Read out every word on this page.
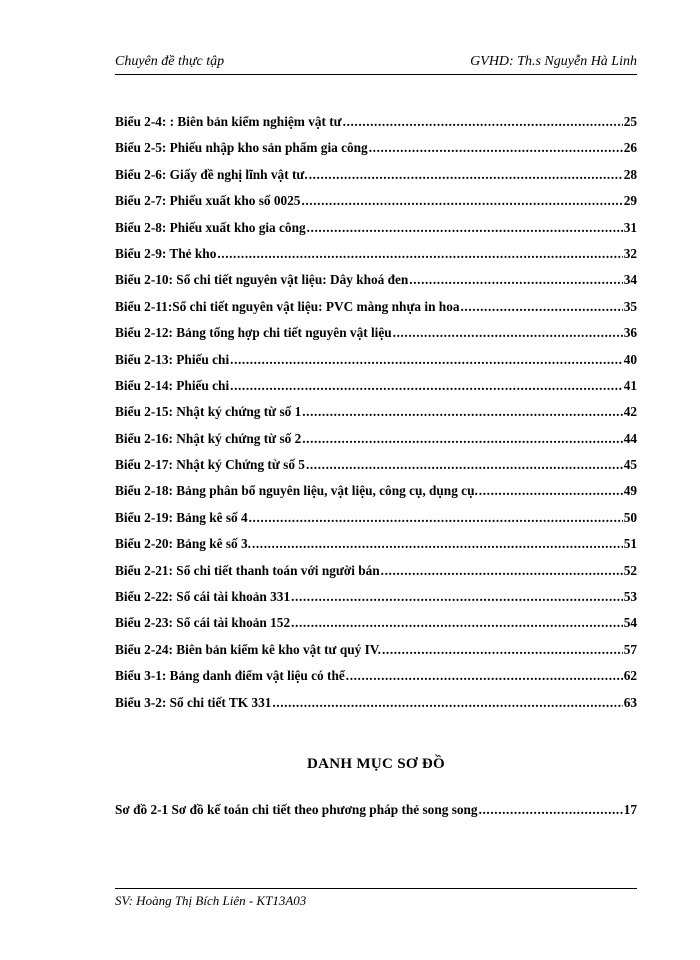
Chuyên đề thực tập	GVHD: Th.s Nguyễn Hà Linh
Biểu 2-4: : Biên bản kiểm nghiệm vật tư .....	25
Biểu 2-5: Phiếu nhập kho sản phẩm gia công .....	26
Biểu 2-6: Giấy đề nghị lĩnh vật tư. .....	28
Biểu 2-7: Phiếu xuất kho số 0025 .....	29
Biểu 2-8: Phiếu xuất kho gia công .....	31
Biểu 2-9: Thẻ kho .....	32
Biểu 2-10: Sổ chi tiết nguyên vật liệu: Dây khoá đen .....	34
Biểu 2-11:Sổ chi tiết nguyên vật liệu: PVC màng nhựa in hoa .....	35
Biểu 2-12: Bảng tổng hợp chi tiết nguyên vật liệu .....	36
Biểu 2-13: Phiếu chi .....	40
Biểu 2-14: Phiếu chi .....	41
Biểu 2-15: Nhật ký chứng từ số 1 .....	42
Biểu 2-16: Nhật ký chứng từ số 2 .....	44
Biểu 2-17: Nhật ký Chứng từ số 5 .....	45
Biểu 2-18: Bảng phân bổ nguyên liệu, vật liệu, công cụ, dụng cụ. .....	49
Biểu 2-19: Bảng kê số 4 .....	50
Biểu 2-20: Bảng kê số 3. .....	51
Biểu 2-21: Sổ chi tiết thanh toán với người bán .....	52
Biểu 2-22: Sổ cái tài khoản 331 .....	53
Biểu 2-23: Sổ cái tài khoản 152 .....	54
Biểu 2-24: Biên bản kiểm kê kho vật tư quý IV. .....	57
Biểu 3-1: Bảng danh điểm vật liệu có thể .....	62
Biểu 3-2: Sổ chi tiết TK 331 .....	63
DANH MỤC SƠ ĐỒ
Sơ đồ 2-1 Sơ đồ kế toán chi tiết theo phương pháp thẻ song song .....	17
SV: Hoàng Thị Bích Liên - KT13A03
